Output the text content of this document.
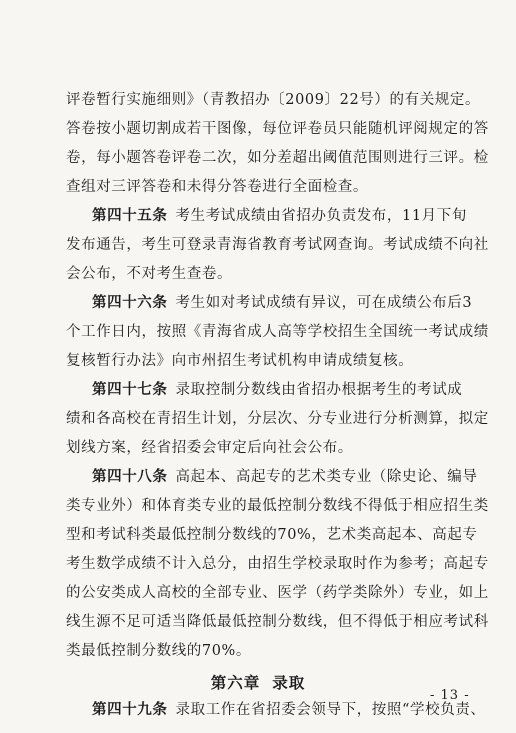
评卷暂行实施细则》（青教招办〔2009〕22号）的有关规定。
答卷按小题切割成若干图像，每位评卷员只能随机评阅规定的答
卷，每小题答卷评卷二次，如分差超出阈值范围则进行三评。检
查组对三评答卷和未得分答卷进行全面检查。
第四十五条 考生考试成绩由省招办负责发布，11月下旬
发布通告，考生可登录青海省教育考试网查询。考试成绩不向社
会公布，不对考生查卷。
第四十六条 考生如对考试成绩有异议，可在成绩公布后3
个工作日内，按照《青海省成人高等学校招生全国统一考试成绩
复核暂行办法》向市州招生考试机构申请成绩复核。
第四十七条 录取控制分数线由省招办根据考生的考试成
绩和各高校在青招生计划，分层次、分专业进行分析测算，拟定
划线方案，经省招委会审定后向社会公布。
第四十八条 高起本、高起专的艺术类专业（除史论、编导
类专业外）和体育类专业的最低控制分数线不得低于相应招生类
型和考试科类最低控制分数线的70%，艺术类高起本、高起专
考生数学成绩不计入总分，由招生学校录取时作为参考；高起专
的公安类成人高校的全部专业、医学（药学类除外）专业，如上
线生源不足可适当降低最低控制分数线，但不得低于相应考试科
类最低控制分数线的70%。
第六章 录取
第四十九条 录取工作在省招委会领导下，按照“学校负责、
- 13 -
